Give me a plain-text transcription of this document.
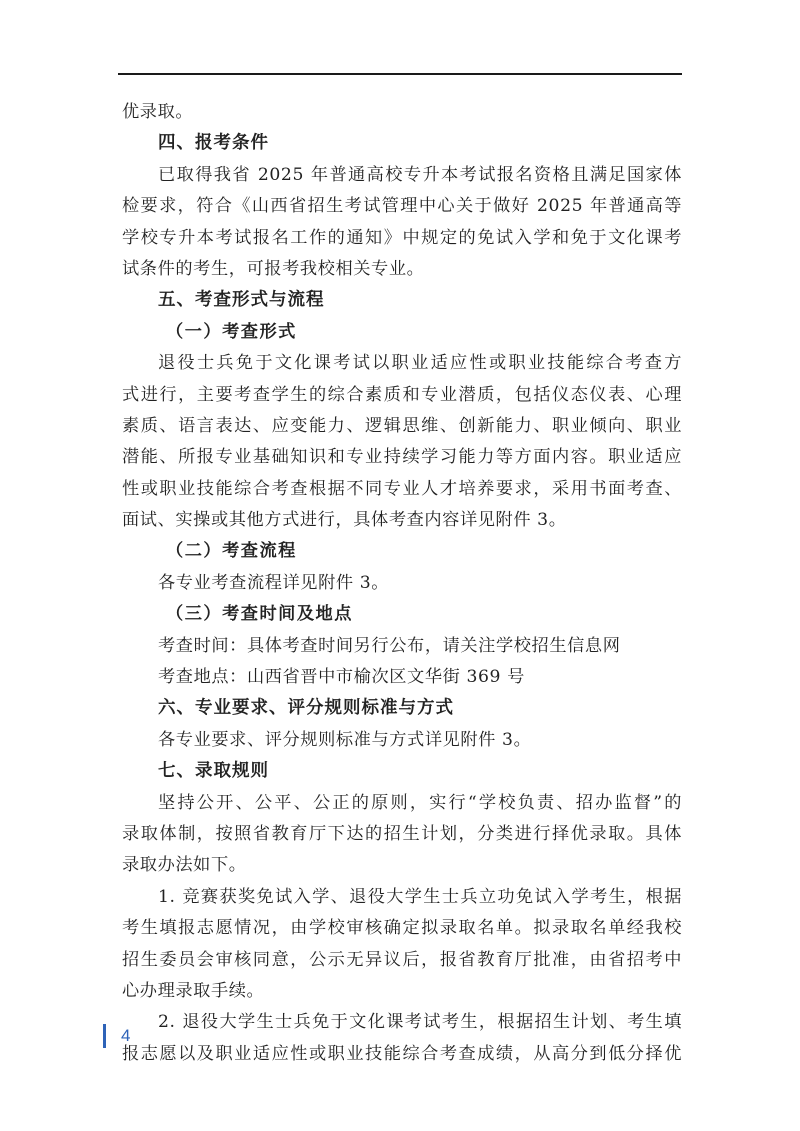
优录取。
四、报考条件
已取得我省 2025 年普通高校专升本考试报名资格且满足国家体
检要求，符合《山西省招生考试管理中心关于做好 2025 年普通高等
学校专升本考试报名工作的通知》中规定的免试入学和免于文化课考
试条件的考生，可报考我校相关专业。
五、考查形式与流程
（一）考查形式
退役士兵免于文化课考试以职业适应性或职业技能综合考查方
式进行，主要考查学生的综合素质和专业潜质，包括仪态仪表、心理
素质、语言表达、应变能力、逻辑思维、创新能力、职业倾向、职业
潜能、所报专业基础知识和专业持续学习能力等方面内容。职业适应
性或职业技能综合考查根据不同专业人才培养要求，采用书面考查、
面试、实操或其他方式进行，具体考查内容详见附件 3。
（二）考查流程
各专业考查流程详见附件 3。
（三）考查时间及地点
考查时间：具体考查时间另行公布，请关注学校招生信息网
考查地点：山西省晋中市榆次区文华街 369 号
六、专业要求、评分规则标准与方式
各专业要求、评分规则标准与方式详见附件 3。
七、录取规则
坚持公开、公平、公正的原则，实行“学校负责、招办监督”的
录取体制，按照省教育厅下达的招生计划，分类进行择优录取。具体
录取办法如下。
1. 竞赛获奖免试入学、退役大学生士兵立功免试入学考生，根据
考生填报志愿情况，由学校审核确定拟录取名单。拟录取名单经我校
招生委员会审核同意，公示无异议后，报省教育厅批准，由省招考中
心办理录取手续。
2. 退役大学生士兵免于文化课考试考生，根据招生计划、考生填
报志愿以及职业适应性或职业技能综合考查成绩，从高分到低分择优
4
